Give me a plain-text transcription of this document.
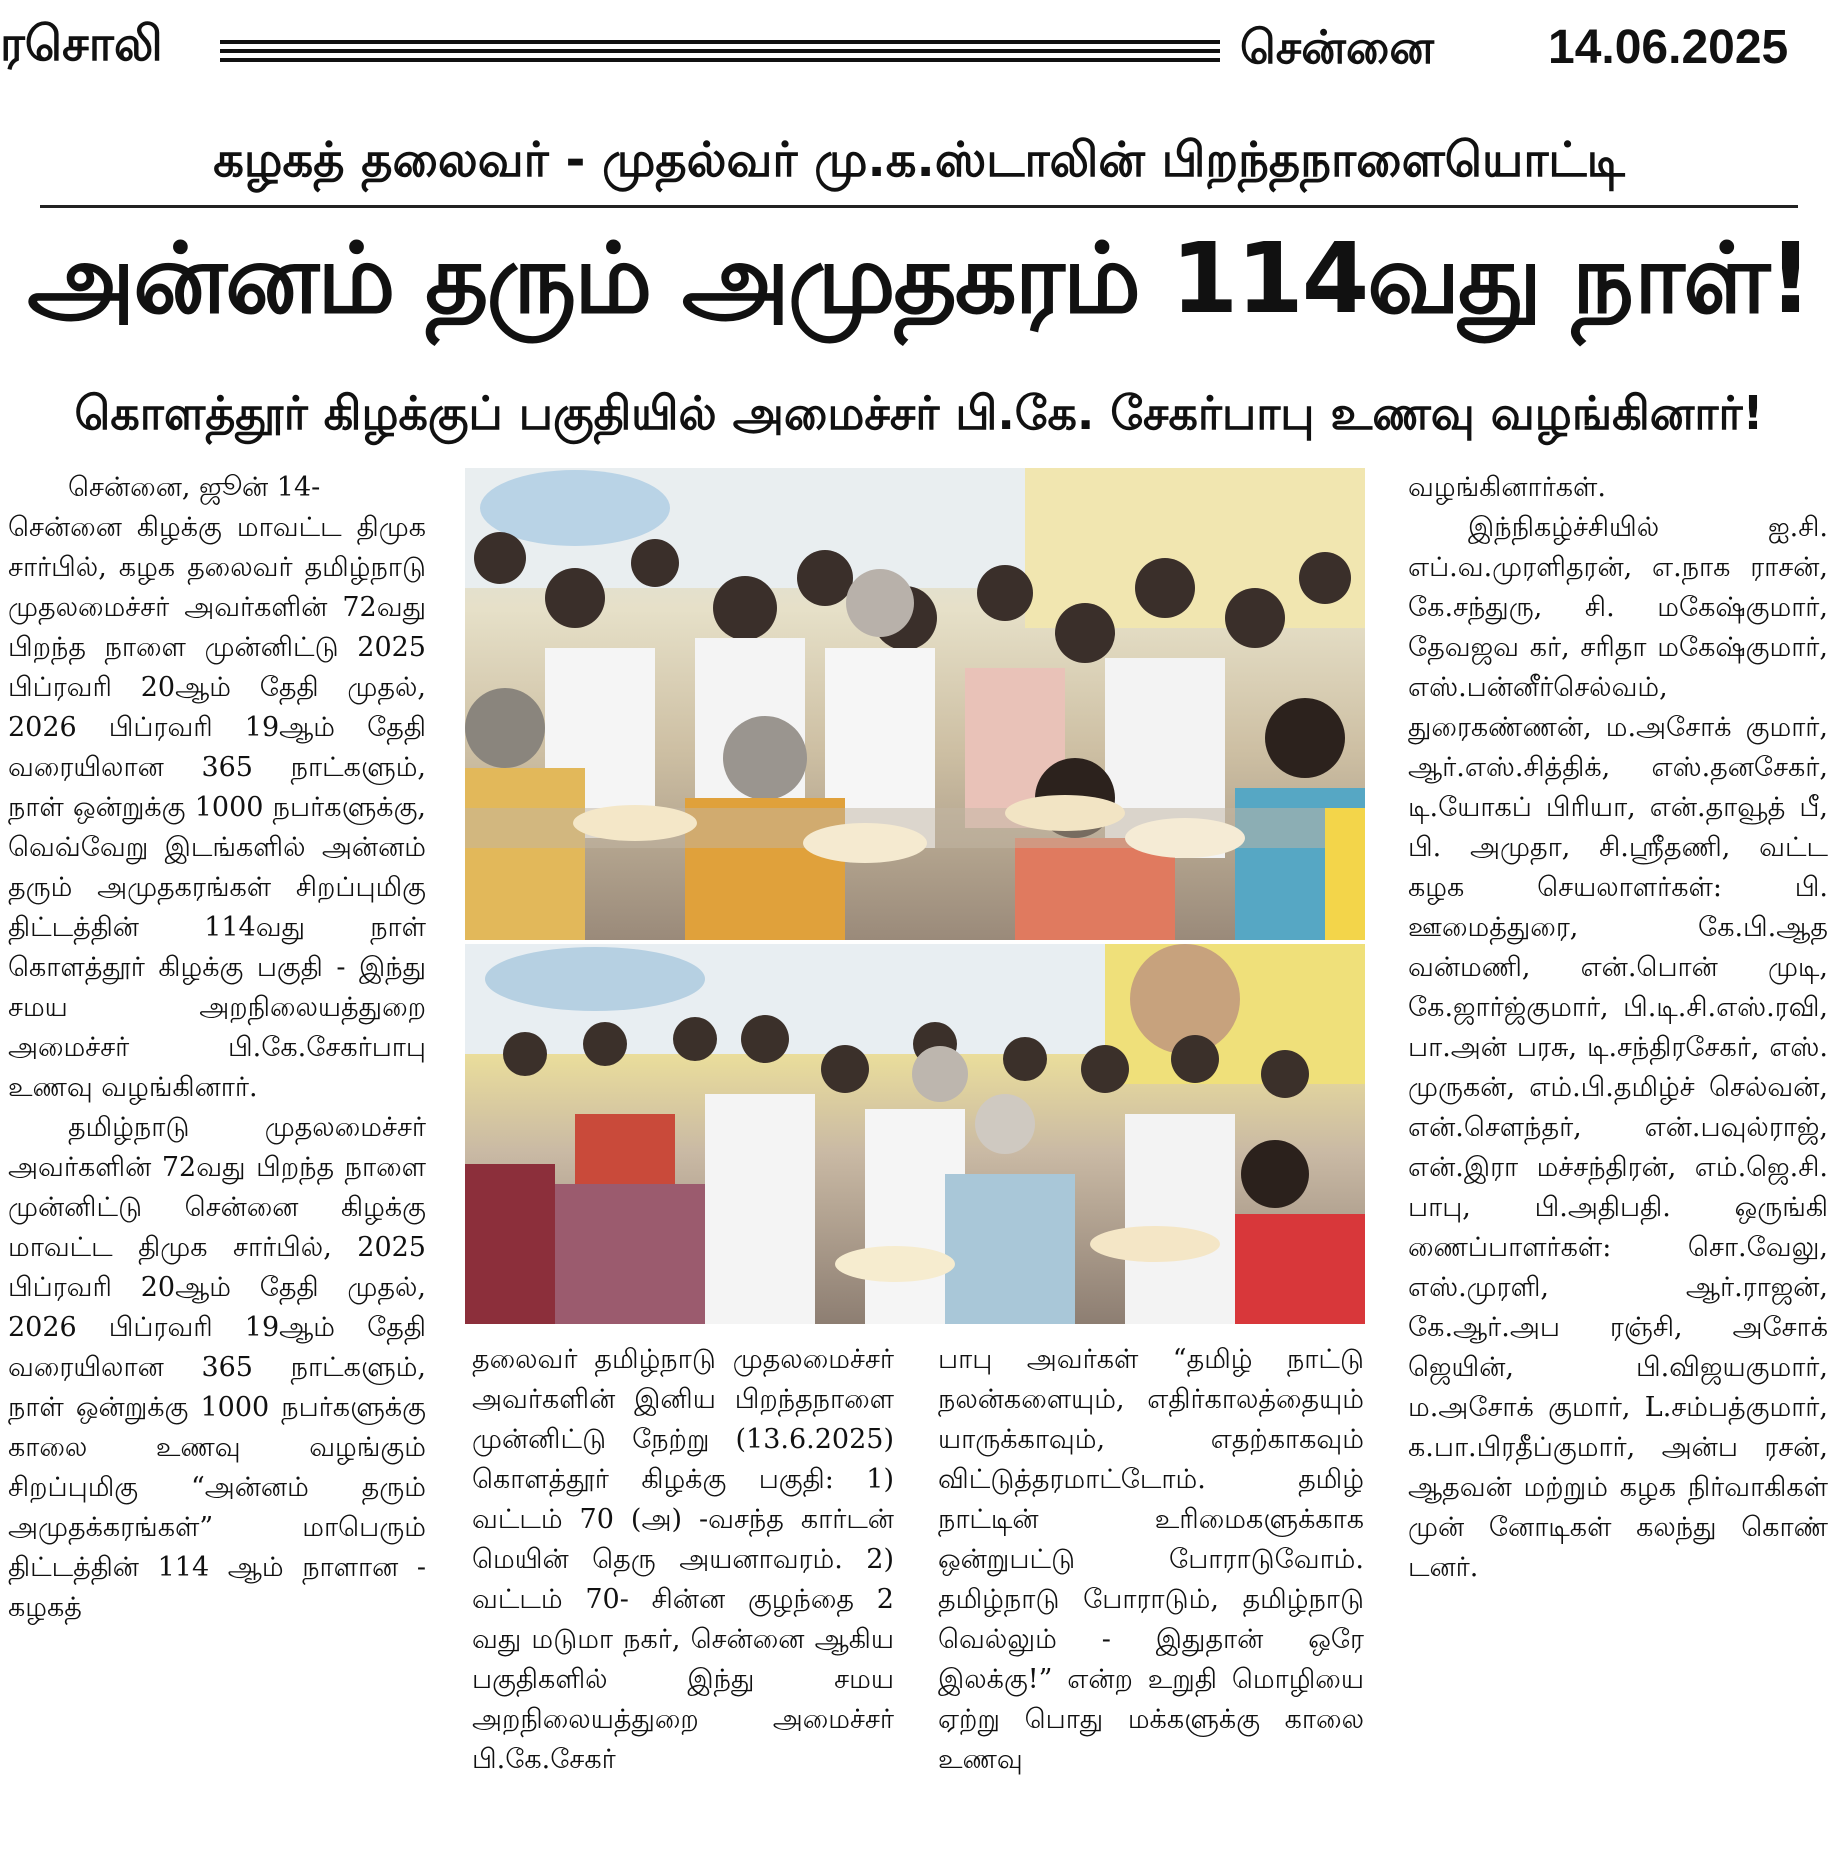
ரசொலி	சென்னை 14.06.2025
கழகத் தலைவர் - முதல்வர் மு.க.ஸ்டாலின் பிறந்தநாளையொட்டி
அன்னம் தரும் அமுதகரம் 114வது நாள்!
கொளத்தூர் கிழக்குப் பகுதியில் அமைச்சர் பி.கே. சேகர்பாபு உணவு வழங்கினார்!

சென்னை, ஜூன் 14-

சென்னை கிழக்கு மாவட்ட திமுக சார்பில், கழக தலைவர் தமிழ்நாடு முதலமைச்சர் அவர்களின் 72வது பிறந்த நாளை முன்னிட்டு 2025 பிப்ரவரி 20ஆம் தேதி முதல், 2026 பிப்ரவரி 19ஆம் தேதி வரையிலான 365 நாட்களும், நாள் ஒன்றுக்கு 1000 நபர்களுக்கு, வெவ்வேறு இடங்களில் அன்னம் தரும் அமுதகரங்கள் சிறப்புமிகு திட்டத்தின் 114வது நாள் கொளத்தூர் கிழக்கு பகுதி - இந்து சமய அறநிலையத்துறை அமைச்சர் பி.கே.சேகர்பாபு உணவு வழங்கினார்.

தமிழ்நாடு முதலமைச்சர் அவர்களின் 72வது பிறந்த நாளை முன்னிட்டு சென்னை கிழக்கு மாவட்ட திமுக சார்பில், 2025 பிப்ரவரி 20ஆம் தேதி முதல், 2026 பிப்ரவரி 19ஆம் தேதி வரையிலான 365 நாட்களும், நாள் ஒன்றுக்கு 1000 நபர்களுக்கு காலை உணவு வழங்கும் சிறப்புமிகு “அன்னம் தரும் அமுதக்கரங்கள்” மாபெரும் திட்டத்தின் 114 ஆம் நாளான - கழகத்

தலைவர் தமிழ்நாடு முதலமைச்சர் அவர்களின் இனிய பிறந்தநாளை முன்னிட்டு நேற்று (13.6.2025) கொளத்தூர் கிழக்கு பகுதி: 1) வட்டம் 70 (அ) -வசந்த கார்டன் மெயின் தெரு அயனாவரம். 2) வட்டம் 70- சின்ன குழந்தை 2 வது மடுமா நகர், சென்னை ஆகிய பகுதிகளில் இந்து சமய அறநிலையத்துறை அமைச்சர் பி.கே.சேகர்

பாபு அவர்கள் “தமிழ் நாட்டு நலன்களையும், எதிர்காலத்தையும் யாருக்காவும், எதற்காகவும் விட்டுத்தரமாட்டோம். தமிழ் நாட்டின் உரிமைகளுக்காக ஒன்றுபட்டு போராடுவோம். தமிழ்நாடு போராடும், தமிழ்நாடு வெல்லும் - இதுதான் ஒரே இலக்கு!” என்ற உறுதி மொழியை ஏற்று பொது மக்களுக்கு காலை உணவு

வழங்கினார்கள்.

இந்நிகழ்ச்சியில் ஐ.சி. எப்.வ.முரளிதரன், எ.நாக ராசன், கே.சந்துரு, சி. மகேஷ்குமார், தேவஜவ கர், சரிதா மகேஷ்குமார், எஸ்.பன்னீர்செல்வம், துரைகண்ணன், ம.அசோக் குமார், ஆர்.எஸ்.சித்திக், எஸ்.தனசேகர், டி.யோகப் பிரியா, என்.தாவூத் பீ, பி. அமுதா, சி.ஸ்ரீதணி, வட்ட கழக செயலாளர்கள்: பி. ஊமைத்துரை, கே.பி.ஆத வன்மணி, என்.பொன் முடி, கே.ஜார்ஜ்குமார், பி.டி.சி.எஸ்.ரவி, பா.அன் பரசு, டி.சந்திரசேகர், எஸ். முருகன், எம்.பி.தமிழ்ச் செல்வன், என்.சௌந்தர், என்.பவுல்ராஜ், என்.இரா மச்சந்திரன், எம்.ஜெ.சி. பாபு, பி.அதிபதி. ஒருங்கி ணைப்பாளர்கள்: சொ.வேலு, எஸ்.முரளி, ஆர்.ராஜன், கே.ஆர்.அப ரஞ்சி, அசோக் ஜெயின், பி.விஜயகுமார், ம.அசோக் குமார், L.சம்பத்குமார், க.பா.பிரதீப்குமார், அன்ப ரசன், ஆதவன் மற்றும் கழக நிர்வாகிகள் முன் னோடிகள் கலந்து கொண் டனர்.
